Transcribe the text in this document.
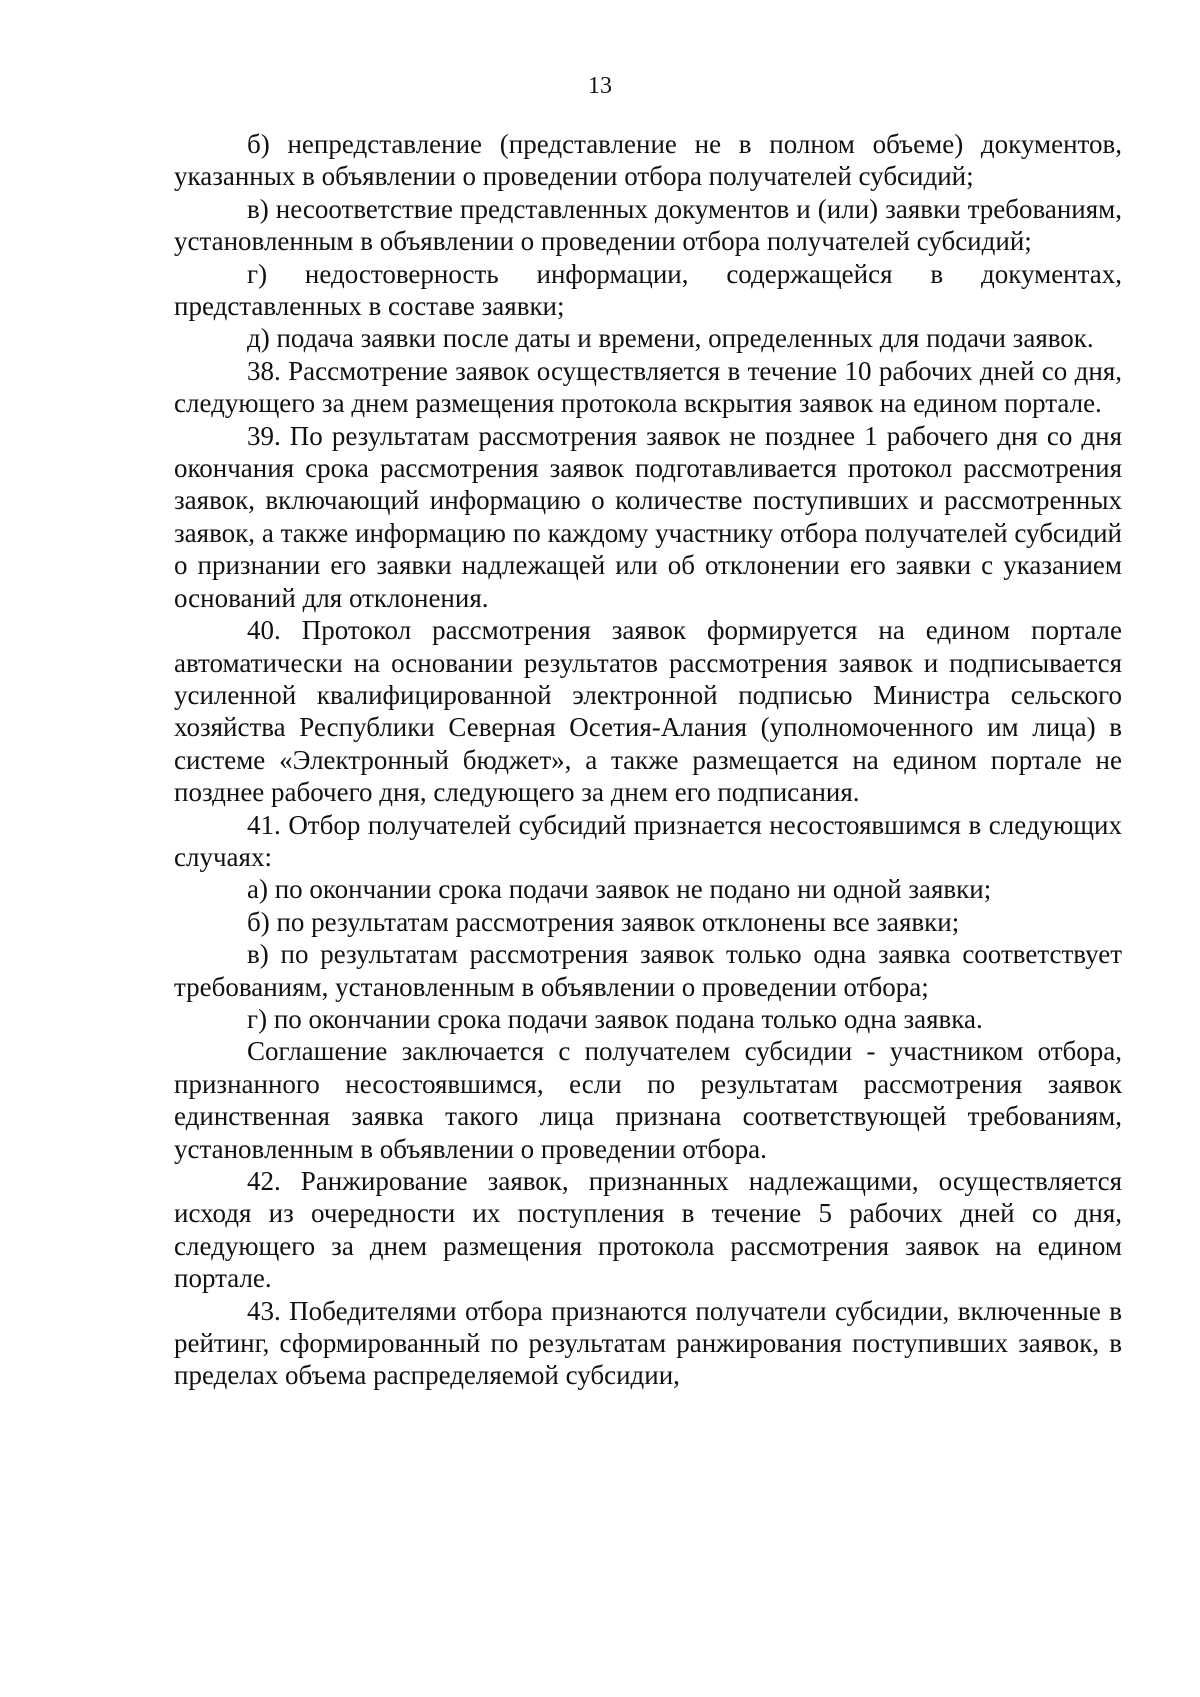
13

б) непредставление (представление не в полном объеме) документов, указанных в объявлении о проведении отбора получателей субсидий;

в) несоответствие представленных документов и (или) заявки требованиям, установленным в объявлении о проведении отбора получателей субсидий;

г) недостоверность информации, содержащейся в документах, представленных в составе заявки;

д) подача заявки после даты и времени, определенных для подачи заявок.

38. Рассмотрение заявок осуществляется в течение 10 рабочих дней со дня, следующего за днем размещения протокола вскрытия заявок на едином портале.

39. По результатам рассмотрения заявок не позднее 1 рабочего дня со дня окончания срока рассмотрения заявок подготавливается протокол рассмотрения заявок, включающий информацию о количестве поступивших и рассмотренных заявок, а также информацию по каждому участнику отбора получателей субсидий о признании его заявки надлежащей или об отклонении его заявки с указанием оснований для отклонения.

40. Протокол рассмотрения заявок формируется на едином портале автоматически на основании результатов рассмотрения заявок и подписывается усиленной квалифицированной электронной подписью Министра сельского хозяйства Республики Северная Осетия-Алания (уполномоченного им лица) в системе «Электронный бюджет», а также размещается на едином портале не позднее рабочего дня, следующего за днем его подписания.

41. Отбор получателей субсидий признается несостоявшимся в следующих случаях:

а) по окончании срока подачи заявок не подано ни одной заявки;

б) по результатам рассмотрения заявок отклонены все заявки;

в) по результатам рассмотрения заявок только одна заявка соответствует требованиям, установленным в объявлении о проведении отбора;

г) по окончании срока подачи заявок подана только одна заявка.

Соглашение заключается с получателем субсидии - участником отбора, признанного несостоявшимся, если по результатам рассмотрения заявок единственная заявка такого лица признана соответствующей требованиям, установленным в объявлении о проведении отбора.

42. Ранжирование заявок, признанных надлежащими, осуществляется исходя из очередности их поступления в течение 5 рабочих дней со дня, следующего за днем размещения протокола рассмотрения заявок на едином портале.

43. Победителями отбора признаются получатели субсидии, включенные в рейтинг, сформированный по результатам ранжирования поступивших заявок, в пределах объема распределяемой субсидии,
